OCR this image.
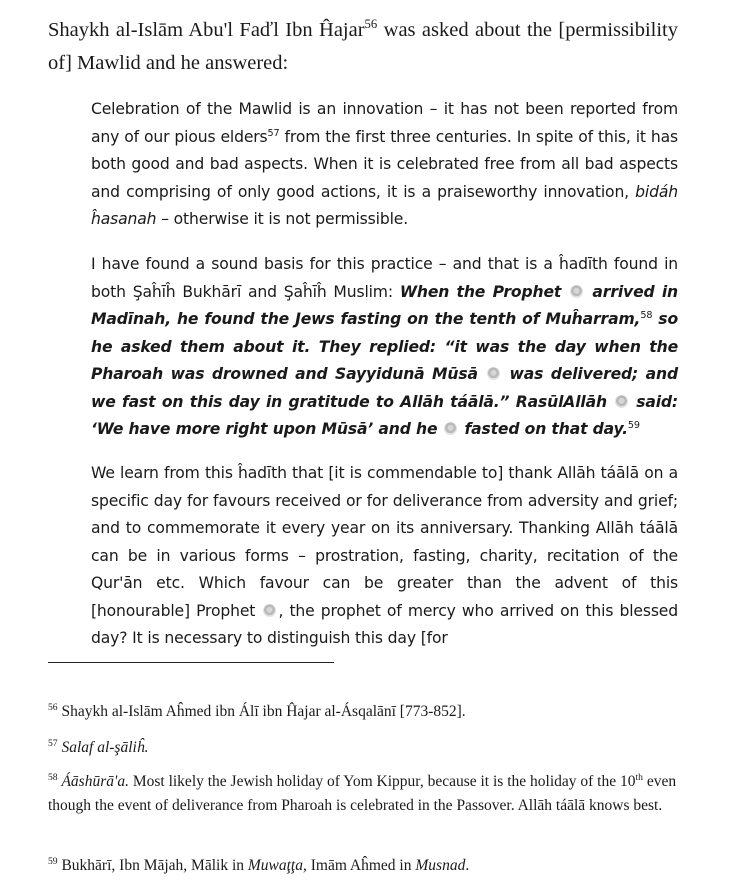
Shaykh al-Islām Abu'l Faďl Ibn Ĥajar$^{56}$ was asked about the [permissibility of] Mawlid and he answered:
Celebration of the Mawlid is an innovation – it has not been reported from any of our pious elders$^{57}$ from the first three centuries. In spite of this, it has both good and bad aspects. When it is celebrated free from all bad aspects and comprising of only good actions, it is a praiseworthy innovation, bidáh ĥasanah – otherwise it is not permissible.
I have found a sound basis for this practice – and that is a ĥadīth found in both Şaĥīĥ Bukhārī and Şaĥīĥ Muslim: When the Prophet  arrived in Madīnah, he found the Jews fasting on the tenth of Muĥarram,$^{58}$ so he asked them about it. They replied: “it was the day when the Pharoah was drowned and Sayyidunā Mūsā  was delivered; and we fast on this day in gratitude to Allāh táālā.” RasūlAllāh  said: ‘We have more right upon Mūsā’ and he  fasted on that day.$^{59}$
We learn from this ĥadīth that [it is commendable to] thank Allāh táālā on a specific day for favours received or for deliverance from adversity and grief; and to commemorate it every year on its anniversary. Thanking Allāh táālā can be in various forms – prostration, fasting, charity, recitation of the Qur'ān etc. Which favour can be greater than the advent of this [honourable] Prophet , the prophet of mercy who arrived on this blessed day? It is necessary to distinguish this day [for
$^{56}$ Shaykh al-Islām Aĥmed ibn Álī ibn Ĥajar al-Ásqalānī [773-852].
$^{57}$ Salaf al-şāliĥ.
$^{58}$ Áāshūrā'a. Most likely the Jewish holiday of Yom Kippur, because it is the holiday of the 10th even though the event of deliverance from Pharoah is celebrated in the Passover. Allāh táālā knows best.
$^{59}$ Bukhārī, Ibn Mājah, Mālik in Muwaţţa, Imām Aĥmed in Musnad.
